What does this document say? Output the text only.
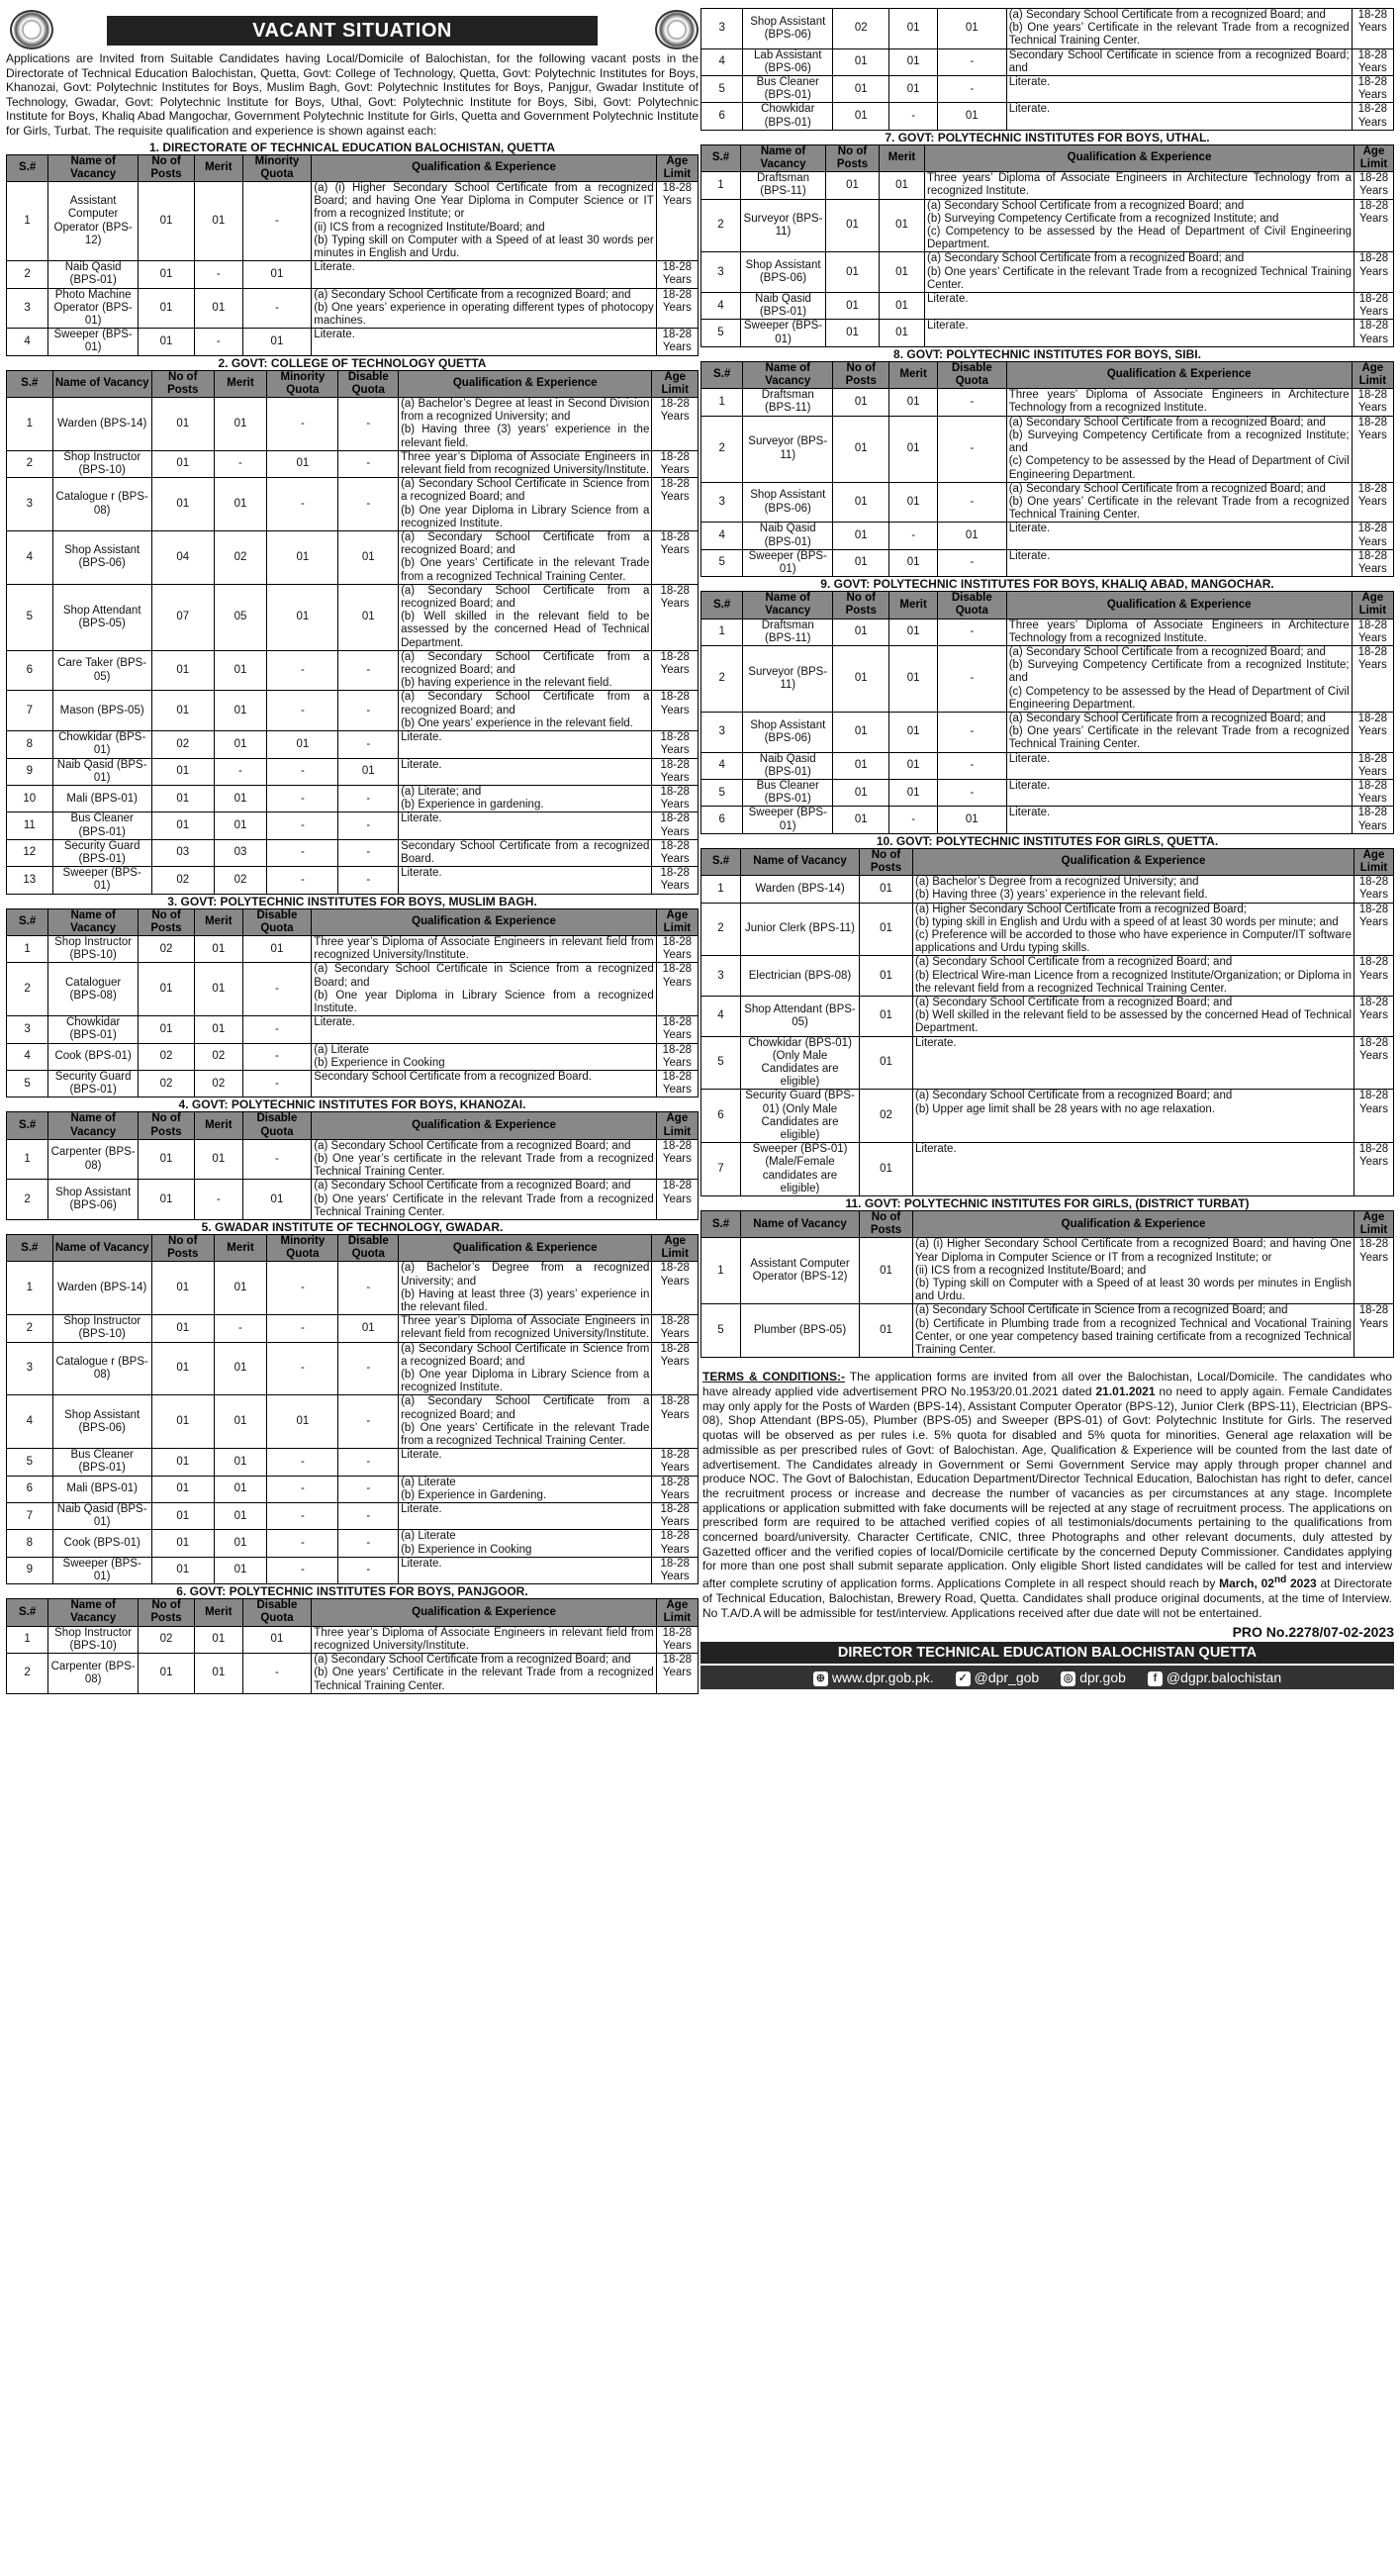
VACANT SITUATION
Applications are Invited from Suitable Candidates having Local/Domicile of Balochistan, for the following vacant posts in the Directorate of Technical Education Balochistan, Quetta, Govt: College of Technology, Quetta, Govt: Polytechnic Institutes for Boys, Khanozai, Govt: Polytechnic Institutes for Boys, Muslim Bagh, Govt: Polytechnic Institutes for Boys, Panjgur, Gwadar Institute of Technology, Gwadar, Govt: Polytechnic Institute for Boys, Uthal, Govt: Polytechnic Institute for Boys, Sibi, Govt: Polytechnic Institute for Boys, Khaliq Abad Mangochar, Government Polytechnic Institute for Girls, Quetta and Government Polytechnic Institute for Girls, Turbat. The requisite qualification and experience is shown against each:
1. DIRECTORATE OF TECHNICAL EDUCATION BALOCHISTAN, QUETTA
S.#	Name of Vacancy	No of Posts	Merit	Minority Quota	Qualification & Experience	Age Limit
1	Assistant Computer Operator (BPS-12)	01	01	-	(a) (i) Higher Secondary School Certificate from a recognized Board; and having One Year Diploma in Computer Science or IT from a recognized Institute; or
(ii) ICS from a recognized Institute/Board; and
(b) Typing skill on Computer with a Speed of at least 30 words per minutes in English and Urdu.	18-28 Years
2	Naib Qasid (BPS-01)	01	-	01	Literate.	18-28 Years
3	Photo Machine Operator (BPS-01)	01	01	-	(a) Secondary School Certificate from a recognized Board; and
(b) One years’ experience in operating different types of photocopy machines.	18-28 Years
4	Sweeper (BPS-01)	01	-	01	Literate.	18-28 Years
2. GOVT: COLLEGE OF TECHNOLOGY QUETTA
S.#	Name of Vacancy	No of Posts	Merit	Minority Quota	Disable Quota	Qualification & Experience	Age Limit
1	Warden (BPS-14)	01	01	-	-	(a) Bachelor’s Degree at least in Second Division from a recognized University; and
(b) Having three (3) years’ experience in the relevant field.	18-28 Years
2	Shop Instructor (BPS-10)	01	-	01	-	Three year’s Diploma of Associate Engineers in relevant field from recognized University/Institute.	18-28 Years
3	Catalogue r (BPS-08)	01	01	-	-	(a) Secondary School Certificate in Science from a recognized Board; and
(b) One year Diploma in Library Science from a recognized Institute.	18-28 Years
4	Shop Assistant (BPS-06)	04	02	01	01	(a) Secondary School Certificate from a recognized Board; and
(b) One years’ Certificate in the relevant Trade from a recognized Technical Training Center.	18-28 Years
5	Shop Attendant (BPS-05)	07	05	01	01	(a) Secondary School Certificate from a recognized Board; and
(b) Well skilled in the relevant field to be assessed by the concerned Head of Technical Department.	18-28 Years
6	Care Taker (BPS-05)	01	01	-	-	(a) Secondary School Certificate from a recognized Board; and
(b) having experience in the relevant field.	18-28 Years
7	Mason (BPS-05)	01	01	-	-	(a) Secondary School Certificate from a recognized Board; and
(b) One years’ experience in the relevant field.	18-28 Years
8	Chowkidar (BPS-01)	02	01	01	-	Literate.	18-28 Years
9	Naib Qasid (BPS-01)	01	-	-	01	Literate.	18-28 Years
10	Mali (BPS-01)	01	01	-	-	(a) Literate; and
(b) Experience in gardening.	18-28 Years
11	Bus Cleaner (BPS-01)	01	01	-	-	Literate.	18-28 Years
12	Security Guard (BPS-01)	03	03	-	-	Secondary School Certificate from a recognized Board.	18-28 Years
13	Sweeper (BPS-01)	02	02	-	-	Literate.	18-28 Years
3. GOVT: POLYTECHNIC INSTITUTES FOR BOYS, MUSLIM BAGH.
S.#	Name of Vacancy	No of Posts	Merit	Disable Quota	Qualification & Experience	Age Limit
1	Shop Instructor (BPS-10)	02	01	01	Three year’s Diploma of Associate Engineers in relevant field from recognized University/Institute.	18-28 Years
2	Cataloguer (BPS-08)	01	01	-	(a) Secondary School Certificate in Science from a recognized Board; and
(b) One year Diploma in Library Science from a recognized Institute.	18-28 Years
3	Chowkidar (BPS-01)	01	01	-	Literate.	18-28 Years
4	Cook (BPS-01)	02	02	-	(a) Literate
(b) Experience in Cooking	18-28 Years
5	Security Guard (BPS-01)	02	02	-	Secondary School Certificate from a recognized Board.	18-28 Years
4. GOVT: POLYTECHNIC INSTITUTES FOR BOYS, KHANOZAI.
S.#	Name of Vacancy	No of Posts	Merit	Disable Quota	Qualification & Experience	Age Limit
1	Carpenter (BPS-08)	01	01	-	(a) Secondary School Certificate from a recognized Board; and
(b) One year’s certificate in the relevant Trade from a recognized Technical Training Center.	18-28 Years
2	Shop Assistant (BPS-06)	01	-	01	(a) Secondary School Certificate from a recognized Board; and
(b) One years’ Certificate in the relevant Trade from a recognized Technical Training Center.	18-28 Years
5. GWADAR INSTITUTE OF TECHNOLOGY, GWADAR.
S.#	Name of Vacancy	No of Posts	Merit	Minority Quota	Disable Quota	Qualification & Experience	Age Limit
1	Warden (BPS-14)	01	01	-	-	(a) Bachelor’s Degree from a recognized University; and
(b) Having at least three (3) years’ experience in the relevant filed.	18-28 Years
2	Shop Instructor (BPS-10)	01	-	-	01	Three year’s Diploma of Associate Engineers in relevant field from recognized University/Institute.	18-28 Years
3	Catalogue r (BPS-08)	01	01	-	-	(a) Secondary School Certificate in Science from a recognized Board; and
(b) One year Diploma in Library Science from a recognized Institute.	18-28 Years
4	Shop Assistant (BPS-06)	01	01	01	-	(a) Secondary School Certificate from a recognized Board; and
(b) One years’ Certificate in the relevant Trade from a recognized Technical Training Center.	18-28 Years
5	Bus Cleaner (BPS-01)	01	01	-	-	Literate.	18-28 Years
6	Mali (BPS-01)	01	01	-	-	(a) Literate
(b) Experience in Gardening.	18-28 Years
7	Naib Qasid (BPS-01)	01	01	-	-	Literate.	18-28 Years
8	Cook (BPS-01)	01	01	-	-	(a) Literate
(b) Experience in Cooking	18-28 Years
9	Sweeper (BPS-01)	01	01	-	-	Literate.	18-28 Years
6. GOVT: POLYTECHNIC INSTITUTES FOR BOYS, PANJGOOR.
S.#	Name of Vacancy	No of Posts	Merit	Disable Quota	Qualification & Experience	Age Limit
1	Shop Instructor (BPS-10)	02	01	01	Three year’s Diploma of Associate Engineers in relevant field from recognized University/Institute.	18-28 Years
2	Carpenter (BPS-08)	01	01	-	(a) Secondary School Certificate from a recognized Board; and
(b) One years’ Certificate in the relevant Trade from a recognized Technical Training Center.	18-28 Years
3	Shop Assistant (BPS-06)	02	01	01	(a) Secondary School Certificate from a recognized Board; and
(b) One years’ Certificate in the relevant Trade from a recognized Technical Training Center.	18-28 Years
4	Lab Assistant (BPS-06)	01	01	-	Secondary School Certificate in science from a recognized Board; and	18-28 Years
5	Bus Cleaner (BPS-01)	01	01	-	Literate.	18-28 Years
6	Chowkidar (BPS-01)	01	-	01	Literate.	18-28 Years
7. GOVT: POLYTECHNIC INSTITUTES FOR BOYS, UTHAL.
S.#	Name of Vacancy	No of Posts	Merit	Qualification & Experience	Age Limit
1	Draftsman (BPS-11)	01	01	Three years’ Diploma of Associate Engineers in Architecture Technology from a recognized Institute.	18-28 Years
2	Surveyor (BPS-11)	01	01	(a) Secondary School Certificate from a recognized Board; and
(b) Surveying Competency Certificate from a recognized Institute; and
(c) Competency to be assessed by the Head of Department of Civil Engineering Department.	18-28 Years
3	Shop Assistant (BPS-06)	01	01	(a) Secondary School Certificate from a recognized Board; and
(b) One years’ Certificate in the relevant Trade from a recognized Technical Training Center.	18-28 Years
4	Naib Qasid (BPS-01)	01	01	Literate.	18-28 Years
5	Sweeper (BPS-01)	01	01	Literate.	18-28 Years
8. GOVT: POLYTECHNIC INSTITUTES FOR BOYS, SIBI.
S.#	Name of Vacancy	No of Posts	Merit	Disable Quota	Qualification & Experience	Age Limit
1	Draftsman (BPS-11)	01	01	-	Three years’ Diploma of Associate Engineers in Architecture Technology from a recognized Institute.	18-28 Years
2	Surveyor (BPS-11)	01	01	-	(a) Secondary School Certificate from a recognized Board; and
(b) Surveying Competency Certificate from a recognized Institute; and
(c) Competency to be assessed by the Head of Department of Civil Engineering Department.	18-28 Years
3	Shop Assistant (BPS-06)	01	01	-	(a) Secondary School Certificate from a recognized Board; and
(b) One years’ Certificate in the relevant Trade from a recognized Technical Training Center.	18-28 Years
4	Naib Qasid (BPS-01)	01	-	01	Literate.	18-28 Years
5	Sweeper (BPS-01)	01	01	-	Literate.	18-28 Years
9. GOVT: POLYTECHNIC INSTITUTES FOR BOYS, KHALIQ ABAD, MANGOCHAR.
S.#	Name of Vacancy	No of Posts	Merit	Disable Quota	Qualification & Experience	Age Limit
1	Draftsman (BPS-11)	01	01	-	Three years’ Diploma of Associate Engineers in Architecture Technology from a recognized Institute.	18-28 Years
2	Surveyor (BPS-11)	01	01	-	(a) Secondary School Certificate from a recognized Board; and
(b) Surveying Competency Certificate from a recognized Institute; and
(c) Competency to be assessed by the Head of Department of Civil Engineering Department.	18-28 Years
3	Shop Assistant (BPS-06)	01	01	-	(a) Secondary School Certificate from a recognized Board; and
(b) One years’ Certificate in the relevant Trade from a recognized Technical Training Center.	18-28 Years
4	Naib Qasid (BPS-01)	01	01	-	Literate.	18-28 Years
5	Bus Cleaner (BPS-01)	01	01	-	Literate.	18-28 Years
6	Sweeper (BPS-01)	01	-	01	Literate.	18-28 Years
10. GOVT: POLYTECHNIC INSTITUTES FOR GIRLS, QUETTA.
S.#	Name of Vacancy	No of Posts	Qualification & Experience	Age Limit
1	Warden (BPS-14)	01	(a) Bachelor’s Degree from a recognized University; and
(b) Having three (3) years’ experience in the relevant field.	18-28 Years
2	Junior Clerk (BPS-11)	01	(a) Higher Secondary School Certificate from a recognized Board;
(b) typing skill in English and Urdu with a speed of at least 30 words per minute; and
(c) Preference will be accorded to those who have experience in Computer/IT software applications and Urdu typing skills.	18-28 Years
3	Electrician (BPS-08)	01	(a) Secondary School Certificate from a recognized Board; and
(b) Electrical Wire-man Licence from a recognized Institute/Organization; or Diploma in the relevant field from a recognized Technical Training Center.	18-28 Years
4	Shop Attendant (BPS-05)	01	(a) Secondary School Certificate from a recognized Board; and
(b) Well skilled in the relevant field to be assessed by the concerned Head of Technical Department.	18-28 Years
5	Chowkidar (BPS-01) (Only Male Candidates are eligible)	01	Literate.	18-28 Years
6	Security Guard (BPS-01) (Only Male Candidates are eligible)	02	(a) Secondary School Certificate from a recognized Board; and
(b) Upper age limit shall be 28 years with no age relaxation.	18-28 Years
7	Sweeper (BPS-01) (Male/Female candidates are eligible)	01	Literate.	18-28 Years
11. GOVT: POLYTECHNIC INSTITUTES FOR GIRLS, (DISTRICT TURBAT)
S.#	Name of Vacancy	No of Posts	Qualification & Experience	Age Limit
1	Assistant Computer Operator (BPS-12)	01	(a) (i) Higher Secondary School Certificate from a recognized Board; and having One Year Diploma in Computer Science or IT from a recognized Institute; or
(ii) ICS from a recognized Institute/Board; and
(b) Typing skill on Computer with a Speed of at least 30 words per minutes in English and Urdu.	18-28 Years
5	Plumber (BPS-05)	01	(a) Secondary School Certificate in Science from a recognized Board; and
(b) Certificate in Plumbing trade from a recognized Technical and Vocational Training Center, or one year competency based training certificate from a recognized Technical Training Center.	18-28 Years
TERMS & CONDITIONS:- The application forms are invited from all over the Balochistan, Local/Domicile. The candidates who have already applied vide advertisement PRO No.1953/20.01.2021 dated 21.01.2021 no need to apply again. Female Candidates may only apply for the Posts of Warden (BPS-14), Assistant Computer Operator (BPS-12), Junior Clerk (BPS-11), Electrician (BPS-08), Shop Attendant (BPS-05), Plumber (BPS-05) and Sweeper (BPS-01) of Govt: Polytechnic Institute for Girls. The reserved quotas will be observed as per rules i.e. 5% quota for disabled and 5% quota for minorities. General age relaxation will be admissible as per prescribed rules of Govt: of Balochistan. Age, Qualification & Experience will be counted from the last date of advertisement. The Candidates already in Government or Semi Government Service may apply through proper channel and produce NOC. The Govt of Balochistan, Education Department/Director Technical Education, Balochistan has right to defer, cancel the recruitment process or increase and decrease the number of vacancies as per circumstances at any stage. Incomplete applications or application submitted with fake documents will be rejected at any stage of recruitment process. The applications on prescribed form are required to be attached verified copies of all testimonials/documents pertaining to the qualifications from concerned board/university. Character Certificate, CNIC, three Photographs and other relevant documents, duly attested by Gazetted officer and the verified copies of local/Domicile certificate by the concerned Deputy Commissioner. Candidates applying for more than one post shall submit separate application. Only eligible Short listed candidates will be called for test and interview after complete scrutiny of application forms. Applications Complete in all respect should reach by March, 02nd 2023 at Directorate of Technical Education, Balochistan, Brewery Road, Quetta. Candidates shall produce original documents, at the time of Interview. No T.A/D.A will be admissible for test/interview. Applications received after due date will not be entertained.
PRO No.2278/07-02-2023
DIRECTOR TECHNICAL EDUCATION BALOCHISTAN QUETTA
⊕ www.dpr.gob.pk. ✓ @dpr_gob ◎ dpr.gob	f @dgpr.balochistan
